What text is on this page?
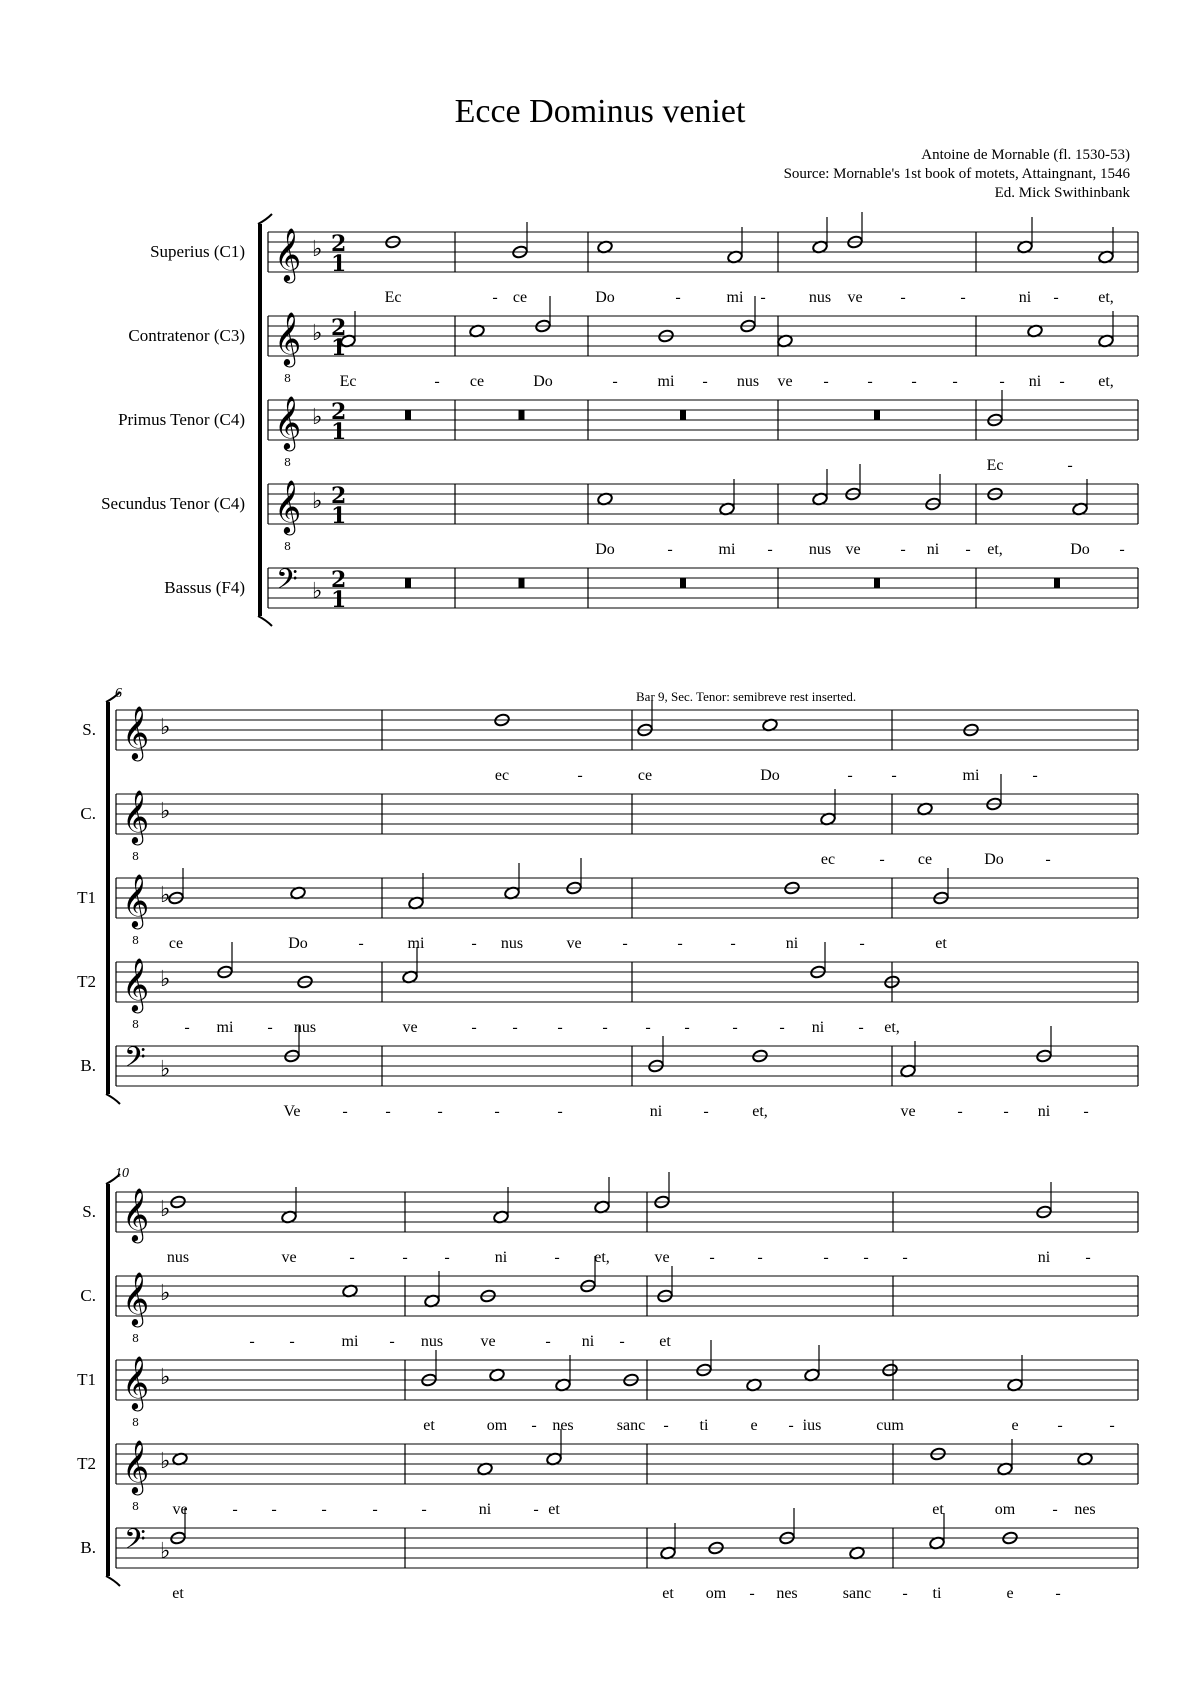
Ecce Dominus veniet
Antoine de Mornable (fl. 1530-53)
Source: Mornable's 1st book of motets, Attaingnant, 1546
Ed. Mick Swithinbank
Bar 9, Sec. Tenor: semibreve rest inserted.
6
10
𝄞 ♭ 2
1
Superius (C1)
Ec	- ce	Do	-	mi -	nus ve -	-	ni - et,
𝄞
8
♭ 2
1
Contratenor (C3)
Ec	- ce	Do	- mi - nus ve - - - -	- ni - et,
𝄞
8
♭ 2
1
Primus Tenor (C4)
Ec	-
𝄞
8
♭ 2
1
Secundus Tenor (C4)
Do	-	mi - nus ve - ni - et,	Do -
𝄢 ♭ 2
1
Bassus (F4)
𝄞 ♭
S.
ec	-	ce	Do	- -	mi	-
𝄞
8
♭
C.
ec	- ce	Do	-
𝄞
8
♭
T1
ce	Do	-	mi	- nus	ve	-	-	-	ni	-	et
𝄞
8
♭
T2
- mi - nus	ve	- - - - - -	-	- ni - et,
𝄢 ♭
B.
Ve	- -	-	-	-	ni	-	et,	ve	-	- ni -
𝄞 ♭
S.
nus	ve	-	- -	ni	- et,	ve -	-	- - -	ni -
𝄞
8
♭
C.
- -	mi - nus ve	- ni - et
𝄞
8
♭
T1
et	om - nes	sanc - ti	e - ius	cum	e -	-
𝄞
8
♭
T2
ve	- -	-	-	-	ni	- et	et	om - nes
𝄢 ♭
B.
et	et om - nes	sanc - ti	e	-
